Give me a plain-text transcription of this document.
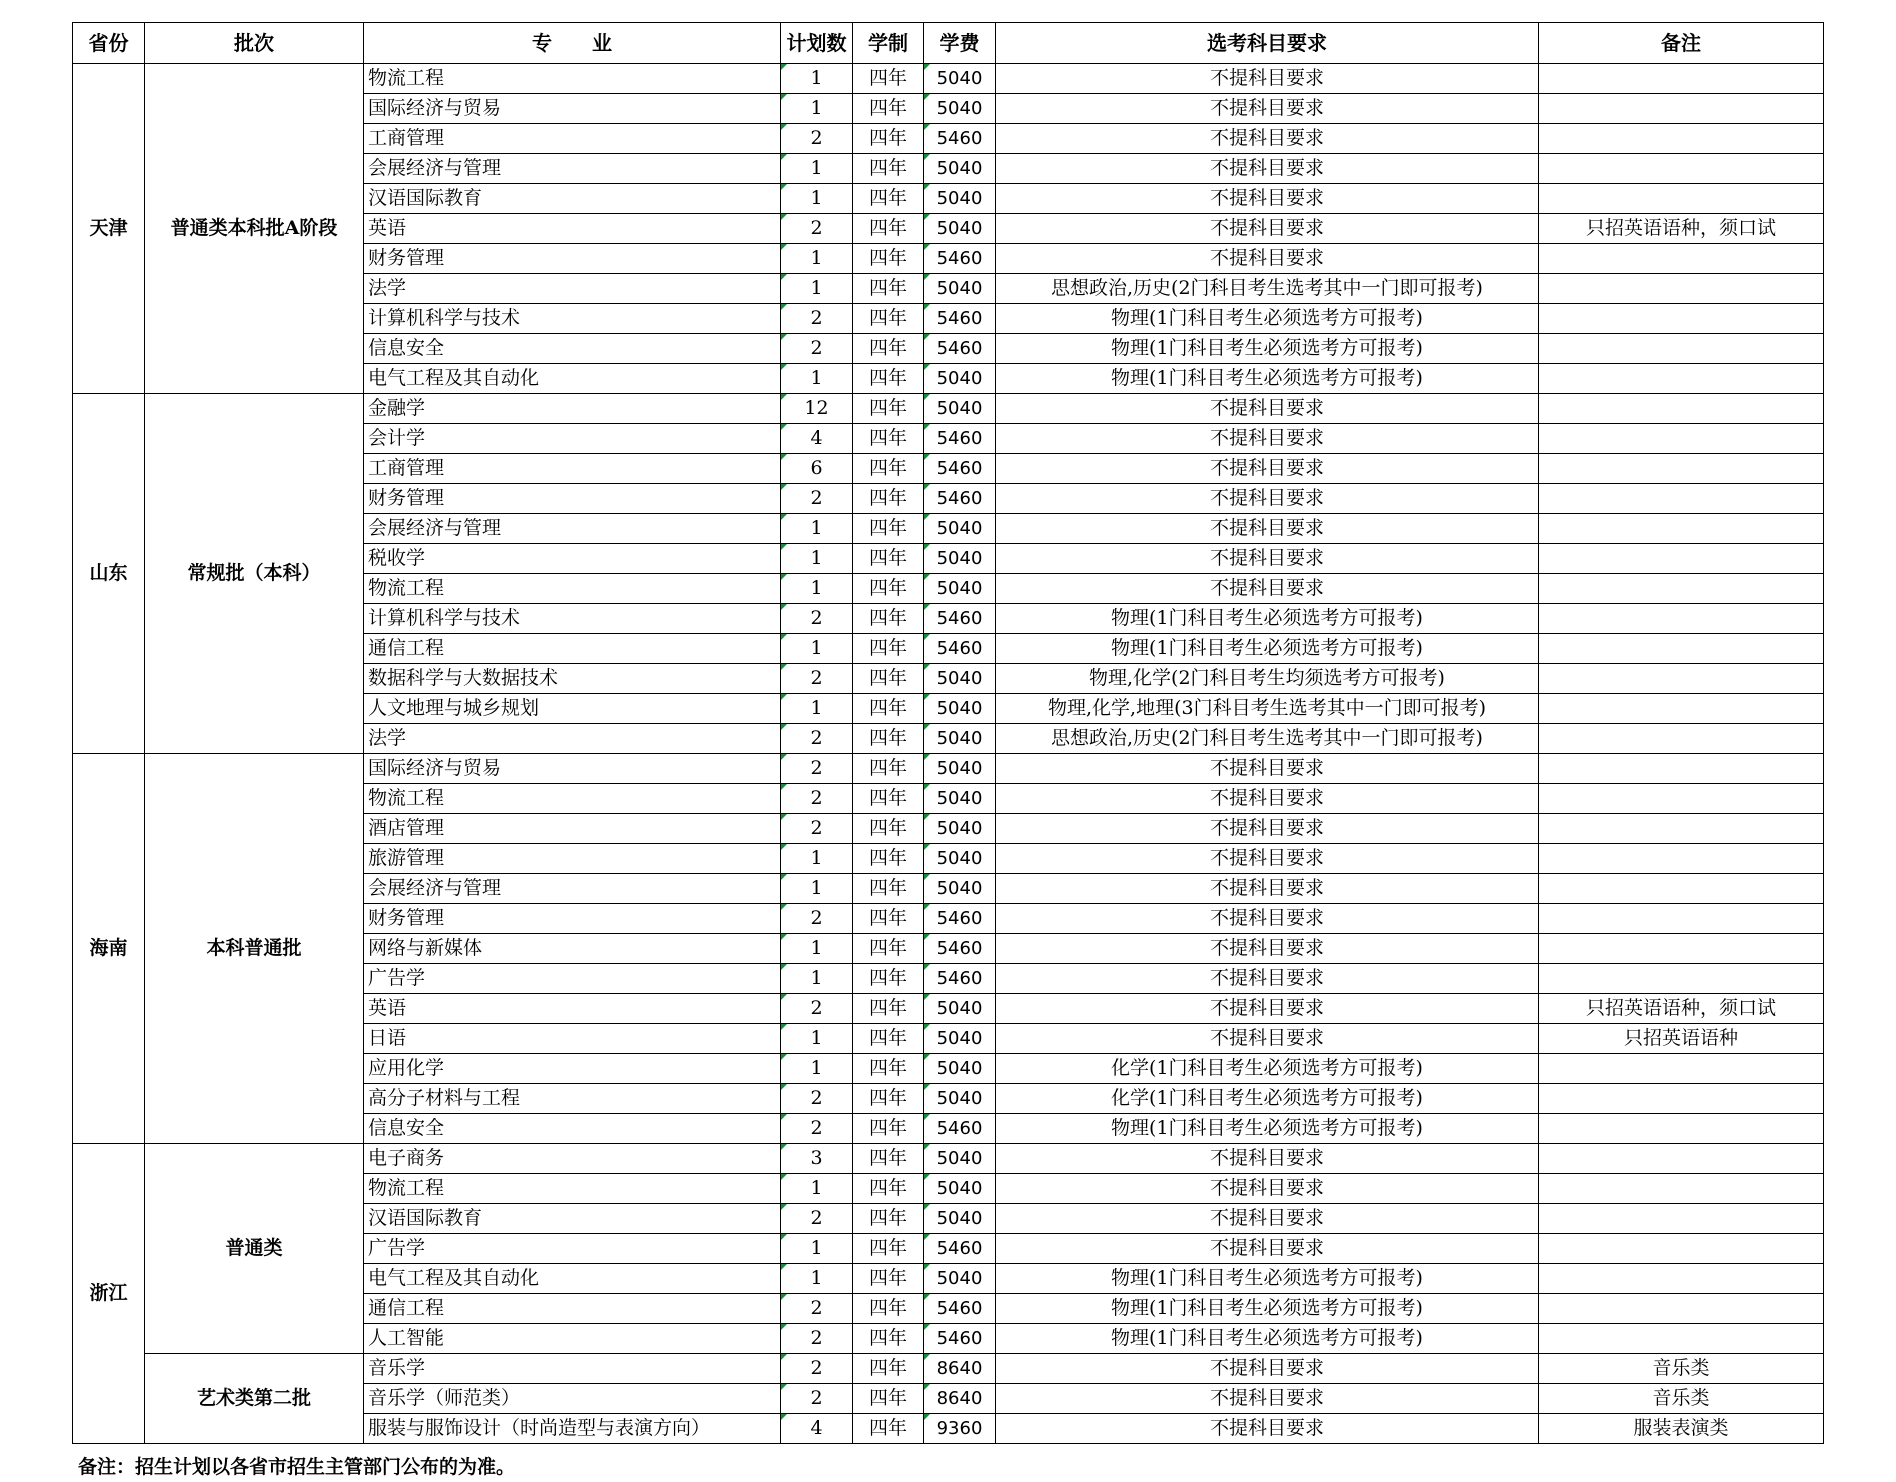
省份	批次	专　　业	计划数	学制	学费	选考科目要求	备注
天津	普通类本科批A阶段	物流工程	1	四年	5040	不提科目要求	
		国际经济与贸易	1	四年	5040	不提科目要求	
		工商管理	2	四年	5460	不提科目要求	
		会展经济与管理	1	四年	5040	不提科目要求	
		汉语国际教育	1	四年	5040	不提科目要求	
		英语	2	四年	5040	不提科目要求	只招英语语种，须口试
		财务管理	1	四年	5460	不提科目要求	
		法学	1	四年	5040	思想政治,历史(2门科目考生选考其中一门即可报考)	
		计算机科学与技术	2	四年	5460	物理(1门科目考生必须选考方可报考)	
		信息安全	2	四年	5460	物理(1门科目考生必须选考方可报考)	
		电气工程及其自动化	1	四年	5040	物理(1门科目考生必须选考方可报考)	
山东	常规批（本科）	金融学	12	四年	5040	不提科目要求	
		会计学	4	四年	5460	不提科目要求	
		工商管理	6	四年	5460	不提科目要求	
		财务管理	2	四年	5460	不提科目要求	
		会展经济与管理	1	四年	5040	不提科目要求	
		税收学	1	四年	5040	不提科目要求	
		物流工程	1	四年	5040	不提科目要求	
		计算机科学与技术	2	四年	5460	物理(1门科目考生必须选考方可报考)	
		通信工程	1	四年	5460	物理(1门科目考生必须选考方可报考)	
		数据科学与大数据技术	2	四年	5040	物理,化学(2门科目考生均须选考方可报考)	
		人文地理与城乡规划	1	四年	5040	物理,化学,地理(3门科目考生选考其中一门即可报考)	
		法学	2	四年	5040	思想政治,历史(2门科目考生选考其中一门即可报考)	
海南	本科普通批	国际经济与贸易	2	四年	5040	不提科目要求	
		物流工程	2	四年	5040	不提科目要求	
		酒店管理	2	四年	5040	不提科目要求	
		旅游管理	1	四年	5040	不提科目要求	
		会展经济与管理	1	四年	5040	不提科目要求	
		财务管理	2	四年	5460	不提科目要求	
		网络与新媒体	1	四年	5460	不提科目要求	
		广告学	1	四年	5460	不提科目要求	
		英语	2	四年	5040	不提科目要求	只招英语语种，须口试
		日语	1	四年	5040	不提科目要求	只招英语语种
		应用化学	1	四年	5040	化学(1门科目考生必须选考方可报考)	
		高分子材料与工程	2	四年	5040	化学(1门科目考生必须选考方可报考)	
		信息安全	2	四年	5460	物理(1门科目考生必须选考方可报考)	
浙江	普通类	电子商务	3	四年	5040	不提科目要求	
		物流工程	1	四年	5040	不提科目要求	
		汉语国际教育	2	四年	5040	不提科目要求	
		广告学	1	四年	5460	不提科目要求	
		电气工程及其自动化	1	四年	5040	物理(1门科目考生必须选考方可报考)	
		通信工程	2	四年	5460	物理(1门科目考生必须选考方可报考)	
		人工智能	2	四年	5460	物理(1门科目考生必须选考方可报考)	
	艺术类第二批	音乐学	2	四年	8640	不提科目要求	音乐类
		音乐学（师范类）	2	四年	8640	不提科目要求	音乐类
		服装与服饰设计（时尚造型与表演方向）	4	四年	9360	不提科目要求	服装表演类
备注：招生计划以各省市招生主管部门公布的为准。
